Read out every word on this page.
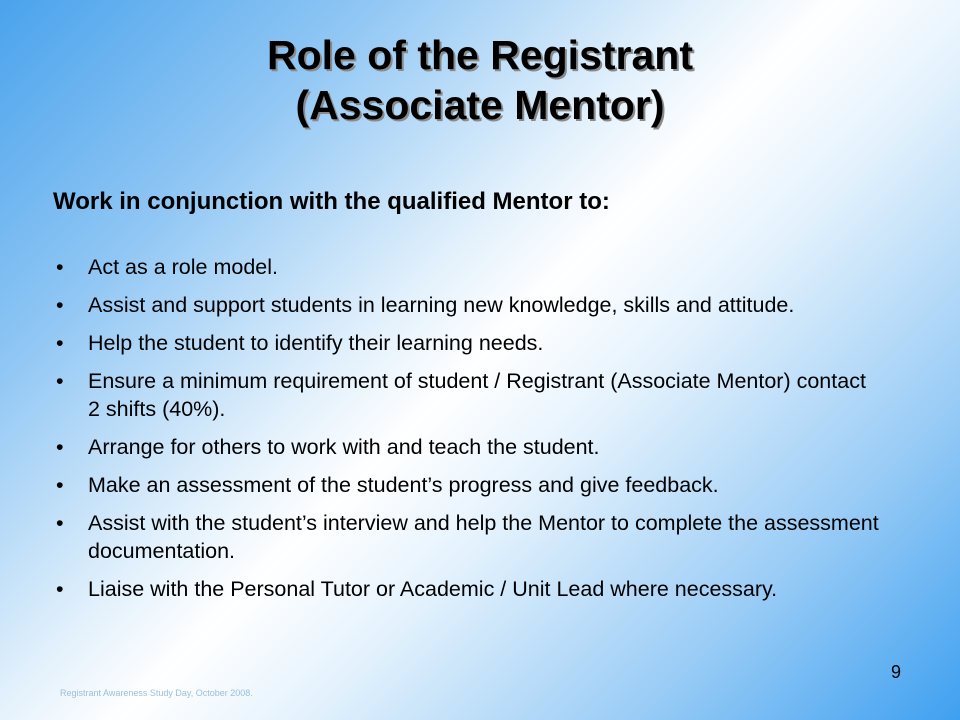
Role of the Registrant
(Associate Mentor)

Work in conjunction with the qualified Mentor to:

• Act as a role model.
• Assist and support students in learning new knowledge, skills and attitude.
• Help the student to identify their learning needs.
• Ensure a minimum requirement of student / Registrant (Associate Mentor) contact 2 shifts (40%).
• Arrange for others to work with and teach the student.
• Make an assessment of the student’s progress and give feedback.
• Assist with the student’s interview and help the Mentor to complete the assessment documentation.
• Liaise with the Personal Tutor or Academic / Unit Lead where necessary.
Registrant Awareness Study Day, October 2008.
9
